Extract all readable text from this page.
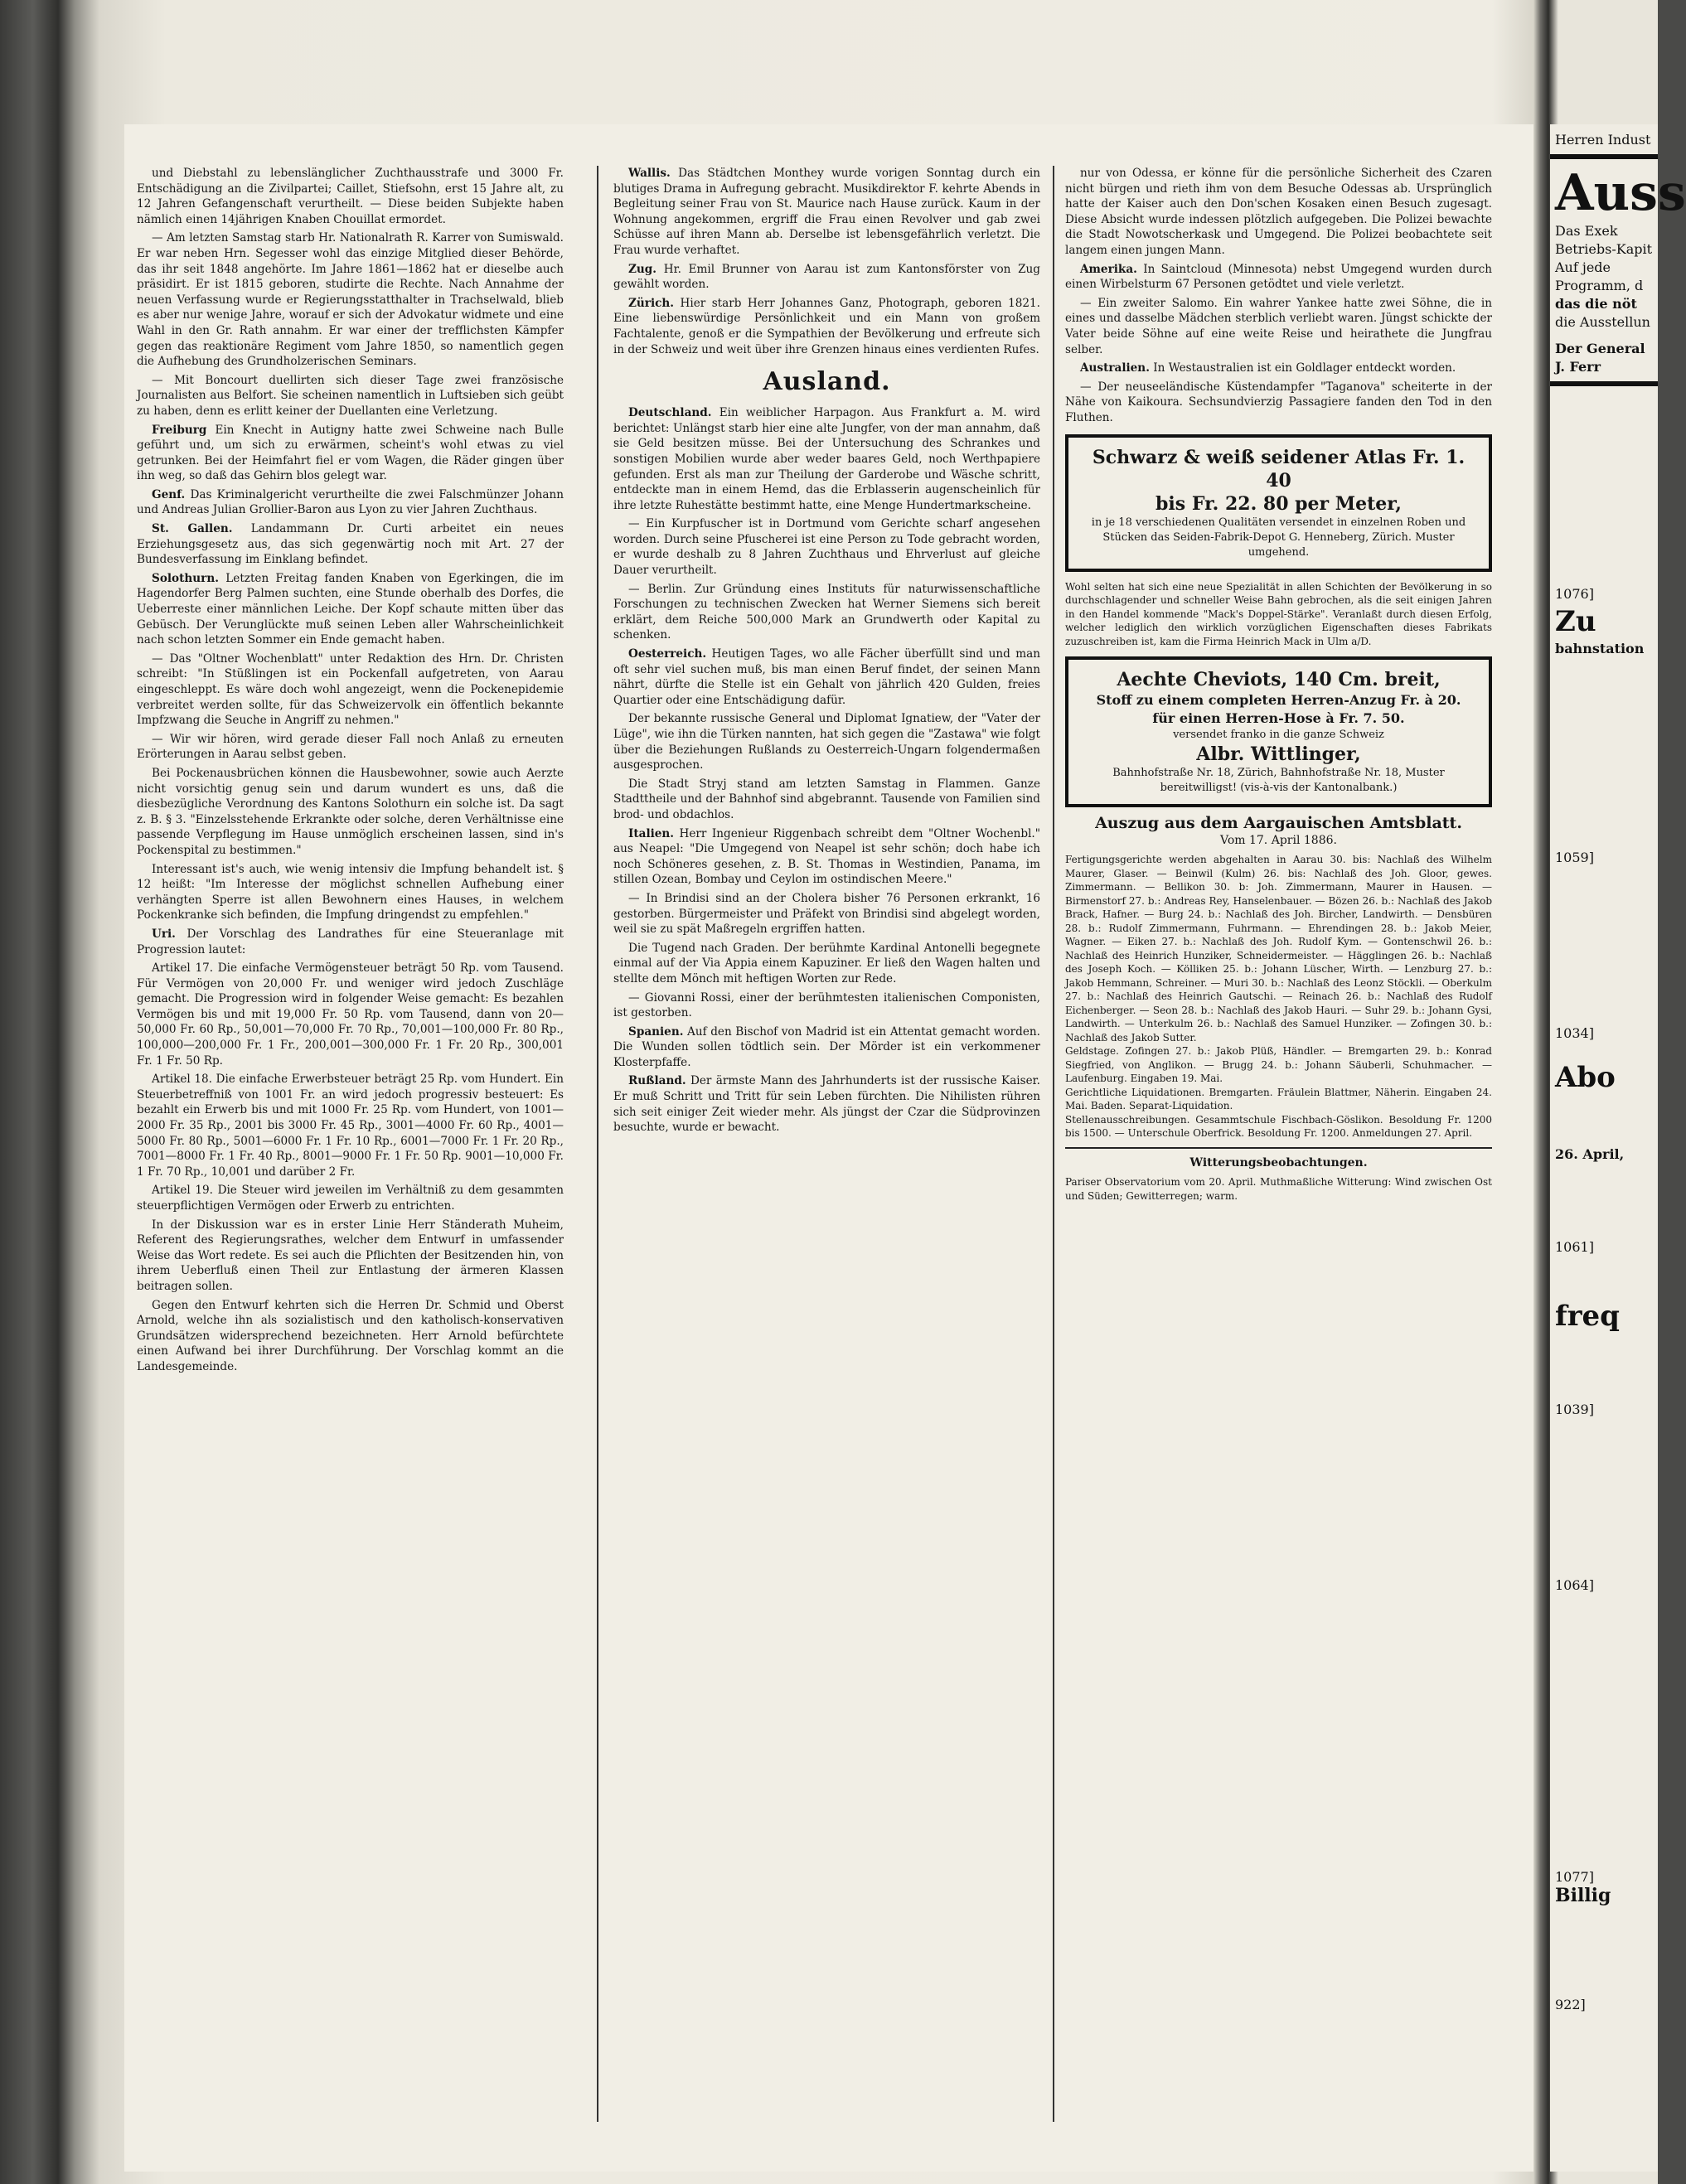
und Diebstahl zu lebenslänglicher Zuchthausstrafe und 3000 Fr. Entschädigung an die Zivilpartei; Caillet, Stiefsohn, erst 15 Jahre alt, zu 12 Jahren Gefangenschaft verurtheilt. — Diese beiden Subjekte haben nämlich einen 14jährigen Knaben Chouillat ermordet.

— Am letzten Samstag starb Hr. Nationalrath R. Karrer von Sumiswald. Er war neben Hrn. Segesser wohl das einzige Mitglied dieser Behörde, das ihr seit 1848 angehörte. Im Jahre 1861—1862 hat er dieselbe auch präsidirt. Er ist 1815 geboren, studirte die Rechte. Nach Annahme der neuen Verfassung wurde er Regierungsstatthalter in Trachselwald, blieb es aber nur wenige Jahre, worauf er sich der Advokatur widmete und eine Wahl in den Gr. Rath annahm. Er war einer der trefflichsten Kämpfer gegen das reaktionäre Regiment vom Jahre 1850, so namentlich gegen die Aufhebung des Grundholzerischen Seminars.

— Mit Boncourt duellirten sich dieser Tage zwei französische Journalisten aus Belfort. Sie scheinen namentlich in Luftsieben sich geübt zu haben, denn es erlitt keiner der Duellanten eine Verletzung.

Freiburg Ein Knecht in Autigny hatte zwei Schweine nach Bulle geführt und, um sich zu erwärmen, scheint's wohl etwas zu viel getrunken. Bei der Heimfahrt fiel er vom Wagen, die Räder gingen über ihn weg, so daß das Gehirn blos gelegt war.

Genf. Das Kriminalgericht verurtheilte die zwei Falschmünzer Johann und Andreas Julian Grollier-Baron aus Lyon zu vier Jahren Zuchthaus.

St. Gallen. Landammann Dr. Curti arbeitet ein neues Erziehungsgesetz aus, das sich gegenwärtig noch mit Art. 27 der Bundesverfassung im Einklang befindet.

Solothurn. Letzten Freitag fanden Knaben von Egerkingen, die im Hagendorfer Berg Palmen suchten, eine Stunde oberhalb des Dorfes, die Ueberreste einer männlichen Leiche. Der Kopf schaute mitten über das Gebüsch. Der Verunglückte muß seinen Leben aller Wahrscheinlichkeit nach schon letzten Sommer ein Ende gemacht haben.

— Das "Oltner Wochenblatt" unter Redaktion des Hrn. Dr. Christen schreibt: "In Stüßlingen ist ein Pockenfall aufgetreten, von Aarau eingeschleppt. Es wäre doch wohl angezeigt, wenn die Pockenepidemie verbreitet werden sollte, für das Schweizervolk ein öffentlich bekannte Impfzwang die Seuche in Angriff zu nehmen."

— Wir wir hören, wird gerade dieser Fall noch Anlaß zu erneuten Erörterungen in Aarau selbst geben.

Bei Pockenausbrüchen können die Hausbewohner, sowie auch Aerzte nicht vorsichtig genug sein und darum wundert es uns, daß die diesbezügliche Verordnung des Kantons Solothurn ein solche ist. Da sagt z. B. § 3. "Einzelsstehende Erkrankte oder solche, deren Verhältnisse eine passende Verpflegung im Hause unmöglich erscheinen lassen, sind in's Pockenspital zu bestimmen."

Interessant ist's auch, wie wenig intensiv die Impfung behandelt ist. § 12 heißt: "Im Interesse der möglichst schnellen Aufhebung einer verhängten Sperre ist allen Bewohnern eines Hauses, in welchem Pockenkranke sich befinden, die Impfung dringendst zu empfehlen."

Uri. Der Vorschlag des Landrathes für eine Steueranlage mit Progression lautet:

Artikel 17. Die einfache Vermögensteuer beträgt 50 Rp. vom Tausend. Für Vermögen von 20,000 Fr. und weniger wird jedoch Zuschläge gemacht. Die Progression wird in folgender Weise gemacht: Es bezahlen Vermögen bis und mit 19,000 Fr. 50 Rp. vom Tausend, dann von 20—50,000 Fr. 60 Rp., 50,001—70,000 Fr. 70 Rp., 70,001—100,000 Fr. 80 Rp., 100,000—200,000 Fr. 1 Fr., 200,001—300,000 Fr. 1 Fr. 20 Rp., 300,001 Fr. 1 Fr. 50 Rp.

Artikel 18. Die einfache Erwerbsteuer beträgt 25 Rp. vom Hundert. Ein Steuerbetreffniß von 1001 Fr. an wird jedoch progressiv besteuert: Es bezahlt ein Erwerb bis und mit 1000 Fr. 25 Rp. vom Hundert, von 1001—2000 Fr. 35 Rp., 2001 bis 3000 Fr. 45 Rp., 3001—4000 Fr. 60 Rp., 4001—5000 Fr. 80 Rp., 5001—6000 Fr. 1 Fr. 10 Rp., 6001—7000 Fr. 1 Fr. 20 Rp., 7001—8000 Fr. 1 Fr. 40 Rp., 8001—9000 Fr. 1 Fr. 50 Rp. 9001—10,000 Fr. 1 Fr. 70 Rp., 10,001 und darüber 2 Fr.

Artikel 19. Die Steuer wird jeweilen im Verhältniß zu dem gesammten steuerpflichtigen Vermögen oder Erwerb zu entrichten.

In der Diskussion war es in erster Linie Herr Ständerath Muheim, Referent des Regierungsrathes, welcher dem Entwurf in umfassender Weise das Wort redete. Es sei auch die Pflichten der Besitzenden hin, von ihrem Ueberfluß einen Theil zur Entlastung der ärmeren Klassen beitragen sollen.

Gegen den Entwurf kehrten sich die Herren Dr. Schmid und Oberst Arnold, welche ihn als sozialistisch und den katholisch-konservativen Grundsätzen widersprechend bezeichneten. Herr Arnold befürchtete einen Aufwand bei ihrer Durchführung. Der Vorschlag kommt an die Landesgemeinde.

Wallis. Das Städtchen Monthey wurde vorigen Sonntag durch ein blutiges Drama in Aufregung gebracht. Musikdirektor F. kehrte Abends in Begleitung seiner Frau von St. Maurice nach Hause zurück. Kaum in der Wohnung angekommen, ergriff die Frau einen Revolver und gab zwei Schüsse auf ihren Mann ab. Derselbe ist lebensgefährlich verletzt. Die Frau wurde verhaftet.

Zug. Hr. Emil Brunner von Aarau ist zum Kantonsförster von Zug gewählt worden.

Zürich. Hier starb Herr Johannes Ganz, Photograph, geboren 1821. Eine liebenswürdige Persönlichkeit und ein Mann von großem Fachtalente, genoß er die Sympathien der Bevölkerung und erfreute sich in der Schweiz und weit über ihre Grenzen hinaus eines verdienten Rufes.

Ausland.

Deutschland. Ein weiblicher Harpagon. Aus Frankfurt a. M. wird berichtet: Unlängst starb hier eine alte Jungfer, von der man annahm, daß sie Geld besitzen müsse. Bei der Untersuchung des Schrankes und sonstigen Mobilien wurde aber weder baares Geld, noch Werthpapiere gefunden. Erst als man zur Theilung der Garderobe und Wäsche schritt, entdeckte man in einem Hemd, das die Erblasserin augenscheinlich für ihre letzte Ruhestätte bestimmt hatte, eine Menge Hundertmarkscheine.

— Ein Kurpfuscher ist in Dortmund vom Gerichte scharf angesehen worden. Durch seine Pfuscherei ist eine Person zu Tode gebracht worden, er wurde deshalb zu 8 Jahren Zuchthaus und Ehrverlust auf gleiche Dauer verurtheilt.

— Berlin. Zur Gründung eines Instituts für naturwissenschaftliche Forschungen zu technischen Zwecken hat Werner Siemens sich bereit erklärt, dem Reiche 500,000 Mark an Grundwerth oder Kapital zu schenken.

Oesterreich. Heutigen Tages, wo alle Fächer überfüllt sind und man oft sehr viel suchen muß, bis man einen Beruf findet, der seinen Mann nährt, dürfte die Stelle ist ein Gehalt von jährlich 420 Gulden, freies Quartier oder eine Entschädigung dafür.

Der bekannte russische General und Diplomat Ignatiew, der "Vater der Lüge", wie ihn die Türken nannten, hat sich gegen die "Zastawa" wie folgt über die Beziehungen Rußlands zu Oesterreich-Ungarn folgendermaßen ausgesprochen.

Die Stadt Stryj stand am letzten Samstag in Flammen. Ganze Stadttheile und der Bahnhof sind abgebrannt. Tausende von Familien sind brod- und obdachlos.

Italien. Herr Ingenieur Riggenbach schreibt dem "Oltner Wochenbl." aus Neapel: "Die Umgegend von Neapel ist sehr schön; doch habe ich noch Schöneres gesehen, z. B. St. Thomas in Westindien, Panama, im stillen Ozean, Bombay und Ceylon im ostindischen Meere."

— In Brindisi sind an der Cholera bisher 76 Personen erkrankt, 16 gestorben. Bürgermeister und Präfekt von Brindisi sind abgelegt worden, weil sie zu spät Maßregeln ergriffen hatten.

Die Tugend nach Graden. Der berühmte Kardinal Antonelli begegnete einmal auf der Via Appia einem Kapuziner. Er ließ den Wagen halten und stellte dem Mönch mit heftigen Worten zur Rede.

— Giovanni Rossi, einer der berühmtesten italienischen Componisten, ist gestorben.

Spanien. Auf den Bischof von Madrid ist ein Attentat gemacht worden. Die Wunden sollen tödtlich sein. Der Mörder ist ein verkommener Klosterpfaffe.

Rußland. Der ärmste Mann des Jahrhunderts ist der russische Kaiser. Er muß Schritt und Tritt für sein Leben fürchten. Die Nihilisten rühren sich seit einiger Zeit wieder mehr. Als jüngst der Czar die Südprovinzen besuchte, wurde er bewacht.

nur von Odessa, er könne für die persönliche Sicherheit des Czaren nicht bürgen und rieth ihm von dem Besuche Odessas ab. Ursprünglich hatte der Kaiser auch den Don'schen Kosaken einen Besuch zugesagt. Diese Absicht wurde indessen plötzlich aufgegeben. Die Polizei bewachte die Stadt Nowotscherkask und Umgegend. Die Polizei beobachtete seit langem einen jungen Mann.

Amerika. In Saintcloud (Minnesota) nebst Umgegend wurden durch einen Wirbelsturm 67 Personen getödtet und viele verletzt.

— Ein zweiter Salomo. Ein wahrer Yankee hatte zwei Söhne, die in eines und dasselbe Mädchen sterblich verliebt waren. Jüngst schickte der Vater beide Söhne auf eine weite Reise und heirathete die Jungfrau selber.

Australien. In Westaustralien ist ein Goldlager entdeckt worden.

— Der neuseeländische Küstendampfer "Taganova" scheiterte in der Nähe von Kaikoura. Sechsundvierzig Passagiere fanden den Tod in den Fluthen.

Schwarz & weiß seidener Atlas Fr. 1. 40
bis Fr. 22. 80 per Meter,
in je 18 verschiedenen Qualitäten versendet in einzelnen Roben und Stücken das Seiden-Fabrik-Depot G. Henneberg, Zürich. Muster umgehend.
Wohl selten hat sich eine neue Spezialität in allen Schichten der Bevölkerung in so durchschlagender und schneller Weise Bahn gebrochen, als die seit einigen Jahren in den Handel kommende "Mack's Doppel-Stärke". Veranlaßt durch diesen Erfolg, welcher lediglich den wirklich vorzüglichen Eigenschaften dieses Fabrikats zuzuschreiben ist, kam die Firma Heinrich Mack in Ulm a/D.
Aechte Cheviots, 140 Cm. breit,
Stoff zu einem completen Herren-Anzug Fr. à 20.
für einen Herren-Hose à Fr. 7. 50.
versendet franko in die ganze Schweiz
Albr. Wittlinger,
Bahnhofstraße Nr. 18, Zürich, Bahnhofstraße Nr. 18, Muster bereitwilligst! (vis-à-vis der Kantonalbank.)
Auszug aus dem Aargauischen Amtsblatt.
Vom 17. April 1886.
Fertigungsgerichte werden abgehalten in Aarau 30. bis: Nachlaß des Wilhelm Maurer, Glaser. — Beinwil (Kulm) 26. bis: Nachlaß des Joh. Gloor, gewes. Zimmermann. — Bellikon 30. b: Joh. Zimmermann, Maurer in Hausen. — Birmenstorf 27. b.: Andreas Rey, Hanselenbauer. — Bözen 26. b.: Nachlaß des Jakob Brack, Hafner. — Burg 24. b.: Nachlaß des Joh. Bircher, Landwirth. — Densbüren 28. b.: Rudolf Zimmermann, Fuhrmann. — Ehrendingen 28. b.: Jakob Meier, Wagner. — Eiken 27. b.: Nachlaß des Joh. Rudolf Kym. — Gontenschwil 26. b.: Nachlaß des Heinrich Hunziker, Schneidermeister. — Hägglingen 26. b.: Nachlaß des Joseph Koch. — Kölliken 25. b.: Johann Lüscher, Wirth. — Lenzburg 27. b.: Jakob Hemmann, Schreiner. — Muri 30. b.: Nachlaß des Leonz Stöckli. — Oberkulm 27. b.: Nachlaß des Heinrich Gautschi. — Reinach 26. b.: Nachlaß des Rudolf Eichenberger. — Seon 28. b.: Nachlaß des Jakob Hauri. — Suhr 29. b.: Johann Gysi, Landwirth. — Unterkulm 26. b.: Nachlaß des Samuel Hunziker. — Zofingen 30. b.: Nachlaß des Jakob Sutter.
Geldstage. Zofingen 27. b.: Jakob Plüß, Händler. — Bremgarten 29. b.: Konrad Siegfried, von Anglikon. — Brugg 24. b.: Johann Säuberli, Schuhmacher. — Laufenburg. Eingaben 19. Mai.
Gerichtliche Liquidationen. Bremgarten. Fräulein Blattmer, Näherin. Eingaben 24. Mai. Baden. Separat-Liquidation.
Stellenausschreibungen. Gesammtschule Fischbach-Göslikon. Besoldung Fr. 1200 bis 1500. — Unterschule Oberfrick. Besoldung Fr. 1200. Anmeldungen 27. April.
Witterungsbeobachtungen.
Pariser Observatorium vom 20. April. Muthmaßliche Witterung: Wind zwischen Ost und Süden; Gewitterregen; warm.
Herren Indust
Auss
Das Exek
Betriebs-Kapit
Auf jede
Programm, d
das die nöt
die Ausstellun
Der General
J. Ferr
1076]
Zu
bahnstation
1059]
1034]
Abo
26. April,
1061]
freq
1039]
1064]
1077]
Billig
922]
